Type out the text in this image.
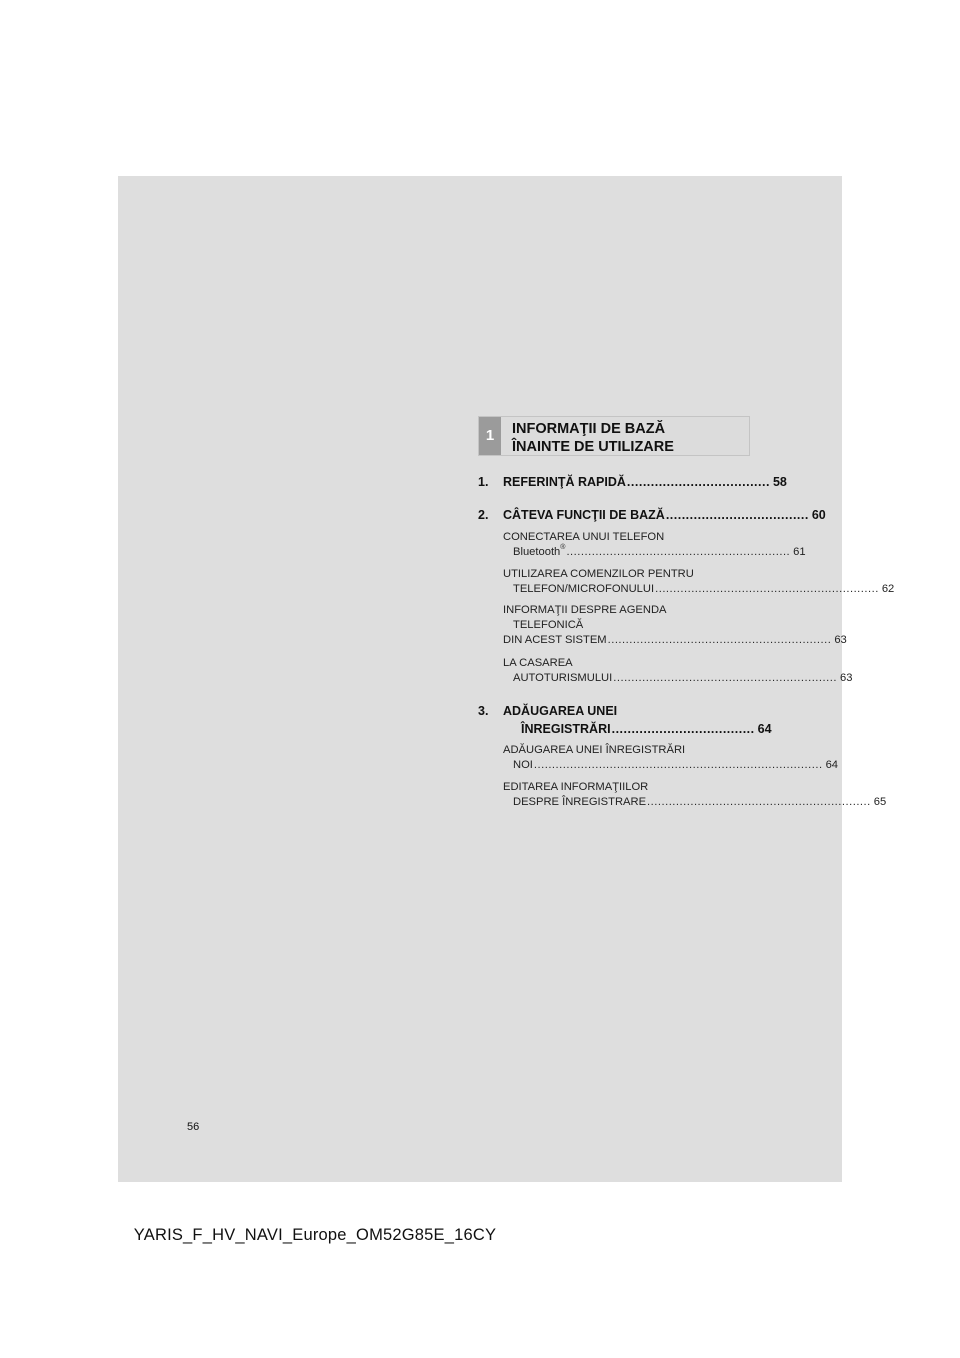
1	INFORMAŢII DE BAZĂ
ÎNAINTE DE UTILIZARE
1. REFERINŢĂ RAPIDĂ .................................... 58
2. CÂTEVA FUNCŢII DE BAZĂ .................................... 60
CONECTAREA UNUI TELEFON
Bluetooth® .............................................................. 61
UTILIZAREA COMENZILOR PENTRU
TELEFON/MICROFONULUI .............................................................. 62
INFORMAŢII DESPRE AGENDA
TELEFONICĂ
DIN ACEST SISTEM .............................................................. 63
LA CASAREA
AUTOTURISMULUI .............................................................. 63
3.	ADĂUGAREA UNEI
ÎNREGISTRĂRI .................................... 64
ADĂUGAREA UNEI ÎNREGISTRĂRI
NOI ................................................................................ 64
EDITAREA INFORMAŢIILOR
DESPRE ÎNREGISTRARE .............................................................. 65
56
YARIS_F_HV_NAVI_Europe_OM52G85E_16CY
